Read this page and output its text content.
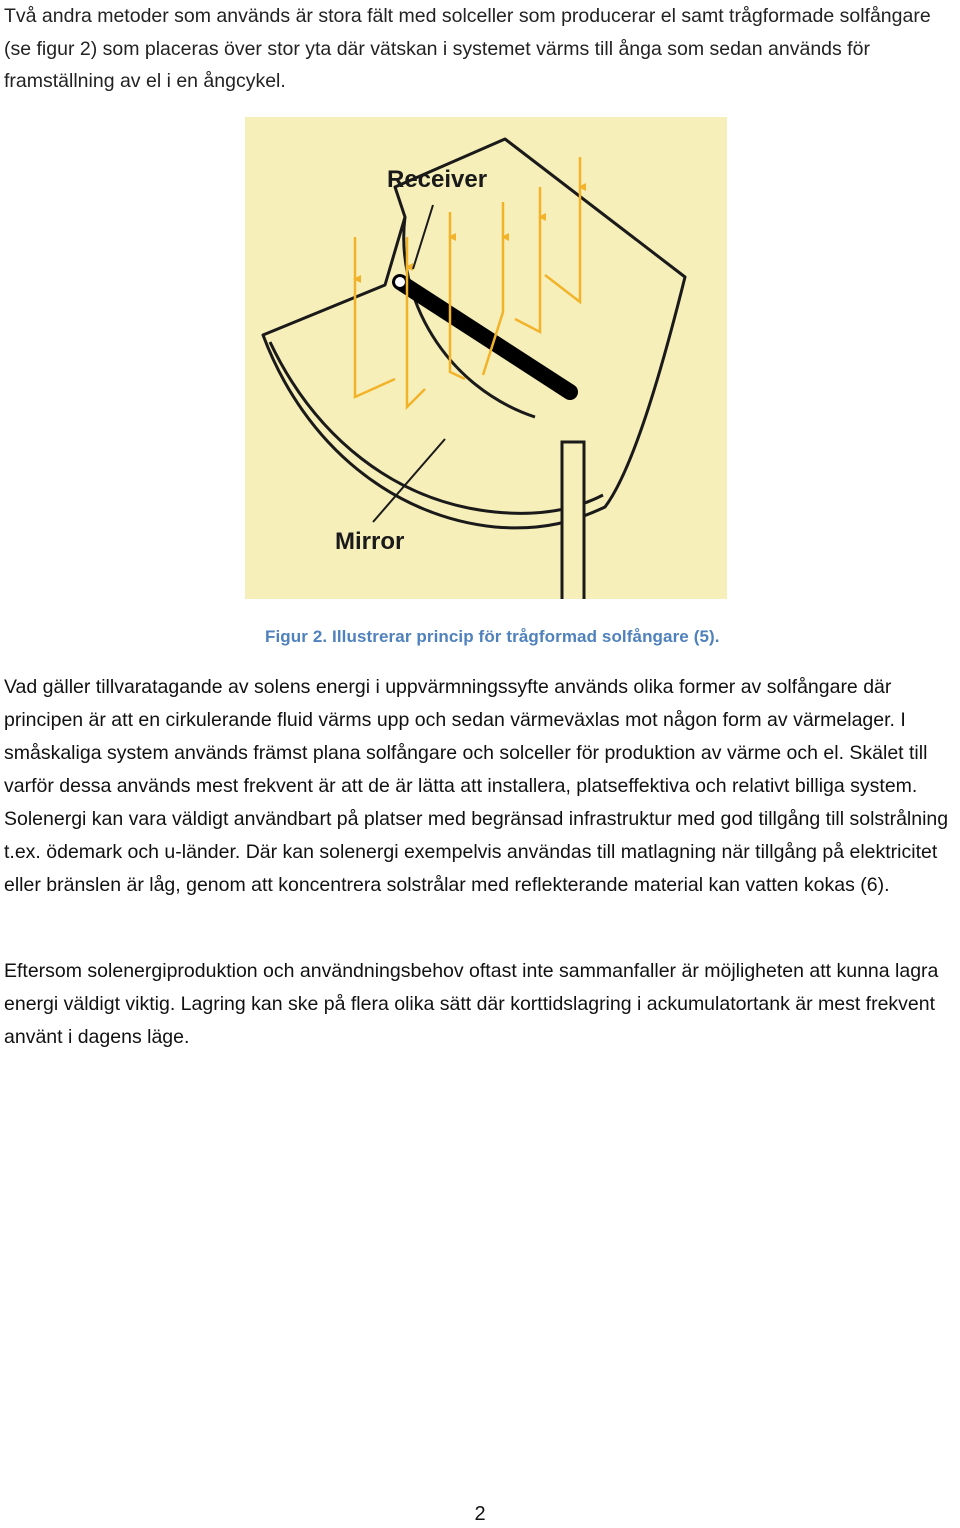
Två andra metoder som används är stora fält med solceller som producerar el samt trågformade solfångare (se figur 2) som placeras över stor yta där vätskan i systemet värms till ånga som sedan används för framställning av el i en ångcykel.

Receiver
Mirror

Figur 2. Illustrerar princip för trågformad solfångare (5).

Vad gäller tillvaratagande av solens energi i uppvärmningssyfte används olika former av solfångare där principen är att en cirkulerande fluid värms upp och sedan värmeväxlas mot någon form av värmelager. I småskaliga system används främst plana solfångare och solceller för produktion av värme och el. Skälet till varför dessa används mest frekvent är att de är lätta att installera, platseffektiva och relativt billiga system. Solenergi kan vara väldigt användbart på platser med begränsad infrastruktur med god tillgång till solstrålning t.ex. ödemark och u-länder. Där kan solenergi exempelvis användas till matlagning när tillgång på elektricitet eller bränslen är låg, genom att koncentrera solstrålar med reflekterande material kan vatten kokas (6).

Eftersom solenergiproduktion och användningsbehov oftast inte sammanfaller är möjligheten att kunna lagra energi väldigt viktig. Lagring kan ske på flera olika sätt där korttidslagring i ackumulatortank är mest frekvent använt i dagens läge.

2
